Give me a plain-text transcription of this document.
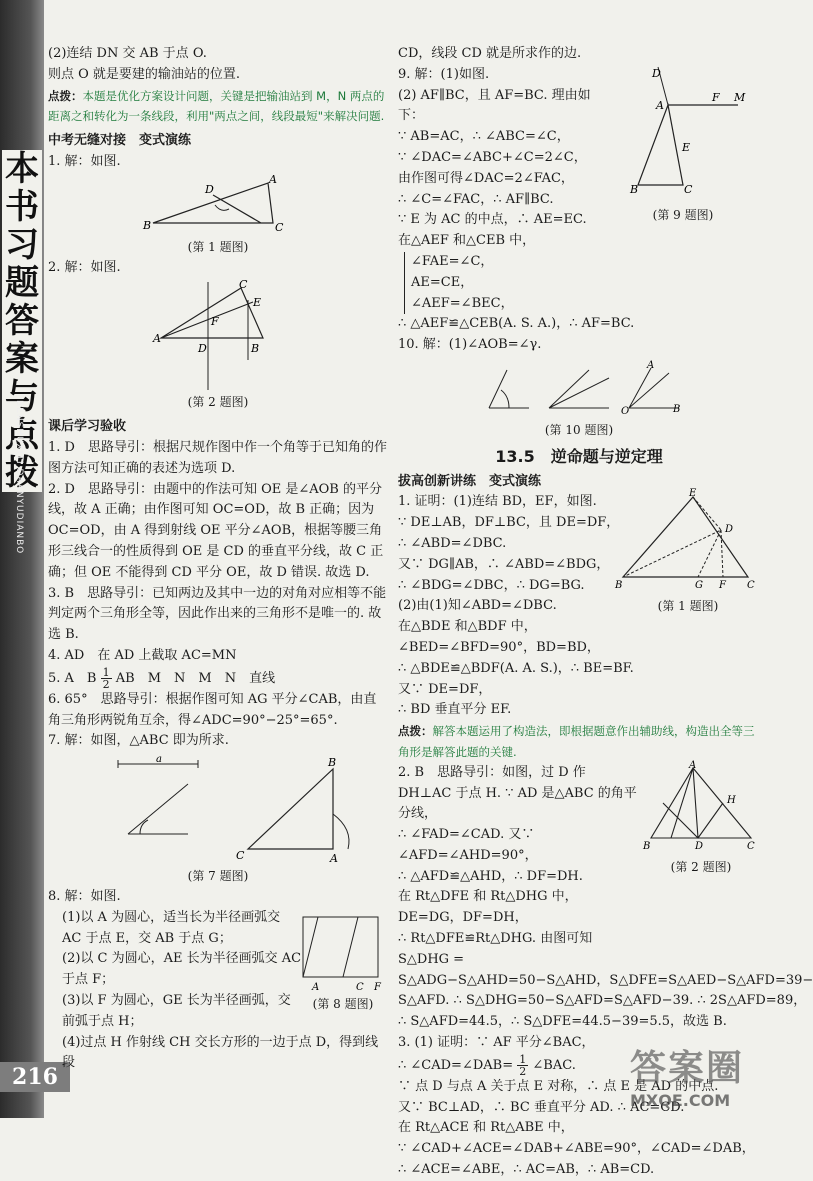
本
书
习
题
答
案
与
点
拨
BENSHUXITI DAANYUDIANBO
216
(2)连结 DN 交 AB 于点 O.
则点 O 就是要建的输油站的位置.
点拨：本题是优化方案设计问题，关键是把输油站到 M，N 两点的距离之和转化为一条线段，利用"两点之间，线段最短"来解决问题.
中考无缝对接　变式演练
1. 解：如图.
B
A
C
D
(第 1 题图)
2. 解：如图.
A
C
E
F
D	B
(第 2 题图)
课后学习验收
1. D　思路导引：根据尺规作图中作一个角等于已知角的作图方法可知正确的表述为选项 D.
2. D　思路导引：由题中的作法可知 OE 是∠AOB 的平分线，故 A 正确；由作图可知 OC=OD，故 B 正确；因为 OC=OD，由 A 得到射线 OE 平分∠AOB，根据等腰三角形三线合一的性质得到 OE 是 CD 的垂直平分线，故 C 正确；但 OE 不能得到 CD 平分 OE，故 D 错误. 故选 D.
3. B　思路导引：已知两边及其中一边的对角对应相等不能判定两个三角形全等，因此作出来的三角形不是唯一的. 故选 B.
4. AD　在 AD 上截取 AC=MN
5. A　B $\frac{1}{2}$ AB　M　N　M　N　直线
6. 65°　思路导引：根据作图可知 AG 平分∠CAB，由直角三角形两锐角互余，得∠ADC=90°−25°=65°.
7. 解：如图，△ABC 即为所求.
a
C	A
B
(第 7 题图)
8. 解：如图.
(1)以 A 为圆心，适当长为半径画弧交 AC 于点 E，交 AB 于点 G；
(2)以 C 为圆心，AE 长为半径画弧交 AC 于点 F；
(3)以 F 为圆心，GE 长为半径画弧，交前弧于点 H；
A	C F
(第 8 题图)
(4)过点 H 作射线 CH 交长方形的一边于点 D，得到线段
CD，线段 CD 就是所求作的边.
9. 解：(1)如图.
(2) AF∥BC，且 AF=BC. 理由如下：
∵ AB=AC，∴ ∠ABC=∠C，
∵ ∠DAC=∠ABC+∠C=2∠C，
由作图可得∠DAC=2∠FAC，
∴ ∠C=∠FAC，∴ AF∥BC.
∵ E 为 AC 的中点，∴ AE=EC.
在△AEF 和△CEB 中，
∠FAE=∠C，
AE=CE，
∠AEF=∠BEC，
∴ △AEF≌△CEB(A. S. A.)，∴ AF=BC.
D
A
F M
E
B	C
(第 9 题图)
10. 解：(1)∠AOB=∠γ.
O	B
A
(第 10 题图)
13.5　逆命题与逆定理
拔高创新讲练　变式演练
1. 证明：(1)连结 BD，EF，如图.
∵ DE⊥AB，DF⊥BC，且 DE=DF，
∴ ∠ABD=∠DBC.
又∵ DG∥AB，∴ ∠ABD=∠BDG，
∴ ∠BDG=∠DBC，∴ DG=BG.
(2)由(1)知∠ABD=∠DBC.
在△BDE 和△BDF 中，
∠BED=∠BFD=90°，BD=BD，
∴ △BDE≌△BDF(A. A. S.)，∴ BE=BF.
又∵ DE=DF，
∴ BD 垂直平分 EF.
E
D
B	G F C
(第 1 题图)
点拨：解答本题运用了构造法，即根据题意作出辅助线，构造出全等三角形是解答此题的关键.
2. B　思路导引：如图，过 D 作 DH⊥AC 于点 H. ∵ AD 是△ABC 的角平分线，
∴ ∠FAD=∠CAD. 又∵ ∠AFD=∠AHD=90°，
∴ △AFD≌△AHD，∴ DF=DH.
在 Rt△DFE 和 Rt△DHG 中，DE=DG，DF=DH，
∴ Rt△DFE≌Rt△DHG. 由图可知 S△DHG =
A
B	C
H
D
(第 2 题图)
S△ADG−S△AHD=50−S△AHD，S△DFE=S△AED−S△AFD=39−
S△AFD. ∴ S△DHG=50−S△AFD=S△AFD−39. ∴ 2S△AFD=89，
∴ S△AFD=44.5，∴ S△DFE=44.5−39=5.5，故选 B.
3. (1) 证明：∵ AF 平分∠BAC，
∴ ∠CAD=∠DAB= $\frac{1}{2}$ ∠BAC.
∵ 点 D 与点 A 关于点 E 对称，∴ 点 E 是 AD 的中点.
又∵ BC⊥AD，∴ BC 垂直平分 AD. ∴ AC=CD.
在 Rt△ACE 和 Rt△ABE 中，
∵ ∠CAD+∠ACE=∠DAB+∠ABE=90°，∠CAD=∠DAB，
∴ ∠ACE=∠ABE，∴ AC=AB，∴ AB=CD.
答案圈
MXQE.COM
